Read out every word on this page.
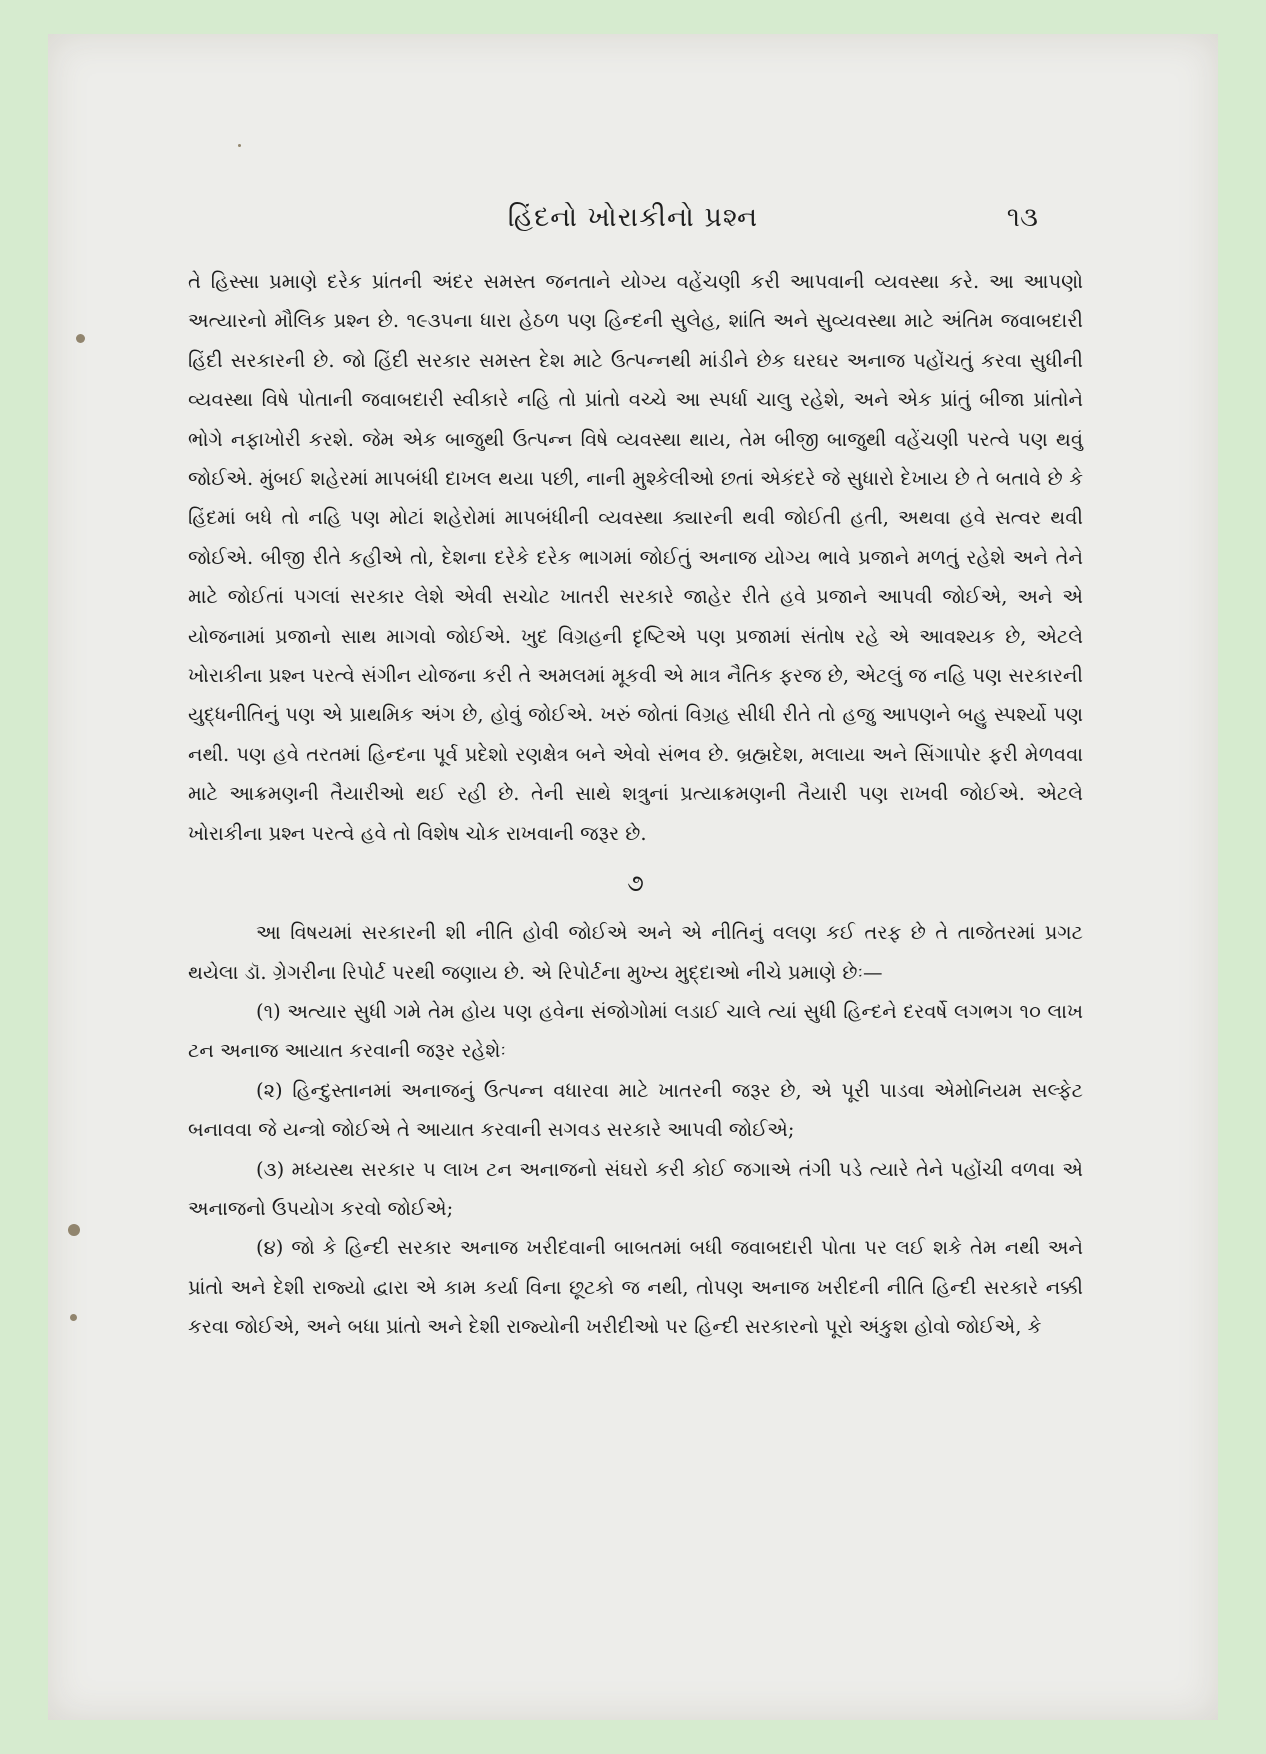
હિંદનો ખોરાકીનો પ્રશ્ન	૧૩

તે હિસ્સા પ્રમાણે દરેક પ્રાંતની અંદર સમસ્ત જનતાને યોગ્ય વહેંચણી કરી આપવાની વ્યવસ્થા કરે. આ આપણો અત્યારનો મૌલિક પ્રશ્ન છે. ૧૯૩૫ના ધારા હેઠળ પણ હિન્દની સુલેહ, શાંતિ અને સુવ્યવસ્થા માટે અંતિમ જવાબદારી હિંદી સરકારની છે. જો હિંદી સરકાર સમસ્ત દેશ માટે ઉત્પન્નથી માંડીને છેક ઘરઘર અનાજ પહોંચતું કરવા સુધીની વ્યવસ્થા વિષે પોતાની જવાબદારી સ્વીકારે નહિ તો પ્રાંતો વચ્ચે આ સ્પર્ધા ચાલુ રહેશે, અને એક પ્રાંતું બીજા પ્રાંતોને ભોગે નફાખોરી કરશે. જેમ એક બાજુથી ઉત્પન્ન વિષે વ્યવસ્થા થાય, તેમ બીજી બાજુથી વહેંચણી પરત્વે પણ થવું જોઈએ. મુંબઈ શહેરમાં માપબંધી દાખલ થયા પછી, નાની મુશ્કેલીઓ છતાં એકંદરે જે સુધારો દેખાય છે તે બતાવે છે કે હિંદમાં બધે તો નહિ પણ મોટાં શહેરોમાં માપબંધીની વ્યવસ્થા ક્યારની થવી જોઈતી હતી, અથવા હવે સત્વર થવી જોઈએ. બીજી રીતે કહીએ તો, દેશના દરેકે દરેક ભાગમાં જોઈતું અનાજ યોગ્ય ભાવે પ્રજાને મળતું રહેશે અને તેને માટે જોઈતાં પગલાં સરકાર લેશે એવી સચોટ ખાતરી સરકારે જાહેર રીતે હવે પ્રજાને આપવી જોઈએ, અને એ યોજનામાં પ્રજાનો સાથ માગવો જોઈએ. ખુદ વિગ્રહની દૃષ્ટિએ પણ પ્રજામાં સંતોષ રહે એ આવશ્યક છે, એટલે ખોરાકીના પ્રશ્ન પરત્વે સંગીન યોજના કરી તે અમલમાં મૂકવી એ માત્ર નૈતિક ફરજ છે, એટલું જ નહિ પણ સરકારની યુદ્ધનીતિનું પણ એ પ્રાથમિક અંગ છે, હોવું જોઈએ. ખરું જોતાં વિગ્રહ સીધી રીતે તો હજુ આપણને બહુ સ્પર્શ્યો પણ નથી. પણ હવે તરતમાં હિન્દના પૂર્વ પ્રદેશો રણક્ષેત્ર બને એવો સંભવ છે. બ્રહ્મદેશ, મલાયા અને સિંગાપોર ફરી મેળવવા માટે આક્રમણની તૈયારીઓ થઈ રહી છે. તેની સાથે શત્રુનાં પ્રત્યાક્રમણની તૈયારી પણ રાખવી જોઈએ. એટલે ખોરાકીના પ્રશ્ન પરત્વે હવે તો વિશેષ ચોક રાખવાની જરૂર છે.

૭

આ વિષયમાં સરકારની શી નીતિ હોવી જોઈએ અને એ નીતિનું વલણ કઈ તરફ છે તે તાજેતરમાં પ્રગટ થયેલા ડૉ. ગ્રેગરીના રિપોર્ટ પરથી જણાય છે. એ રિપોર્ટના મુખ્ય મુદ્દાઓ નીચે પ્રમાણે છેઃ—

(૧) અત્યાર સુધી ગમે તેમ હોય પણ હવેના સંજોગોમાં લડાઈ ચાલે ત્યાં સુધી હિન્દને દરવર્ષે લગભગ ૧૦ લાખ ટન અનાજ આયાત કરવાની જરૂર રહેશેઃ

(૨) હિન્દુસ્તાનમાં અનાજનું ઉત્પન્ન વધારવા માટે ખાતરની જરૂર છે, એ પૂરી પાડવા એમોનિયમ સલ્ફેટ બનાવવા જે યન્ત્રો જોઈએ તે આયાત કરવાની સગવડ સરકારે આપવી જોઈએ;

(૩) મધ્યસ્થ સરકાર ૫ લાખ ટન અનાજનો સંઘરો કરી કોઈ જગાએ તંગી પડે ત્યારે તેને પહોંચી વળવા એ અનાજનો ઉપયોગ કરવો જોઈએ;

(૪) જો કે હિન્દી સરકાર અનાજ ખરીદવાની બાબતમાં બધી જવાબદારી પોતા પર લઈ શકે તેમ નથી અને પ્રાંતો અને દેશી રાજ્યો દ્વારા એ કામ કર્યા વિના છૂટકો જ નથી, તોપણ અનાજ ખરીદની નીતિ હિન્દી સરકારે નક્કી કરવા જોઈએ, અને બધા પ્રાંતો અને દેશી રાજ્યોની ખરીદીઓ પર હિન્દી સરકારનો પૂરો અંકુશ હોવો જોઈએ, કે
